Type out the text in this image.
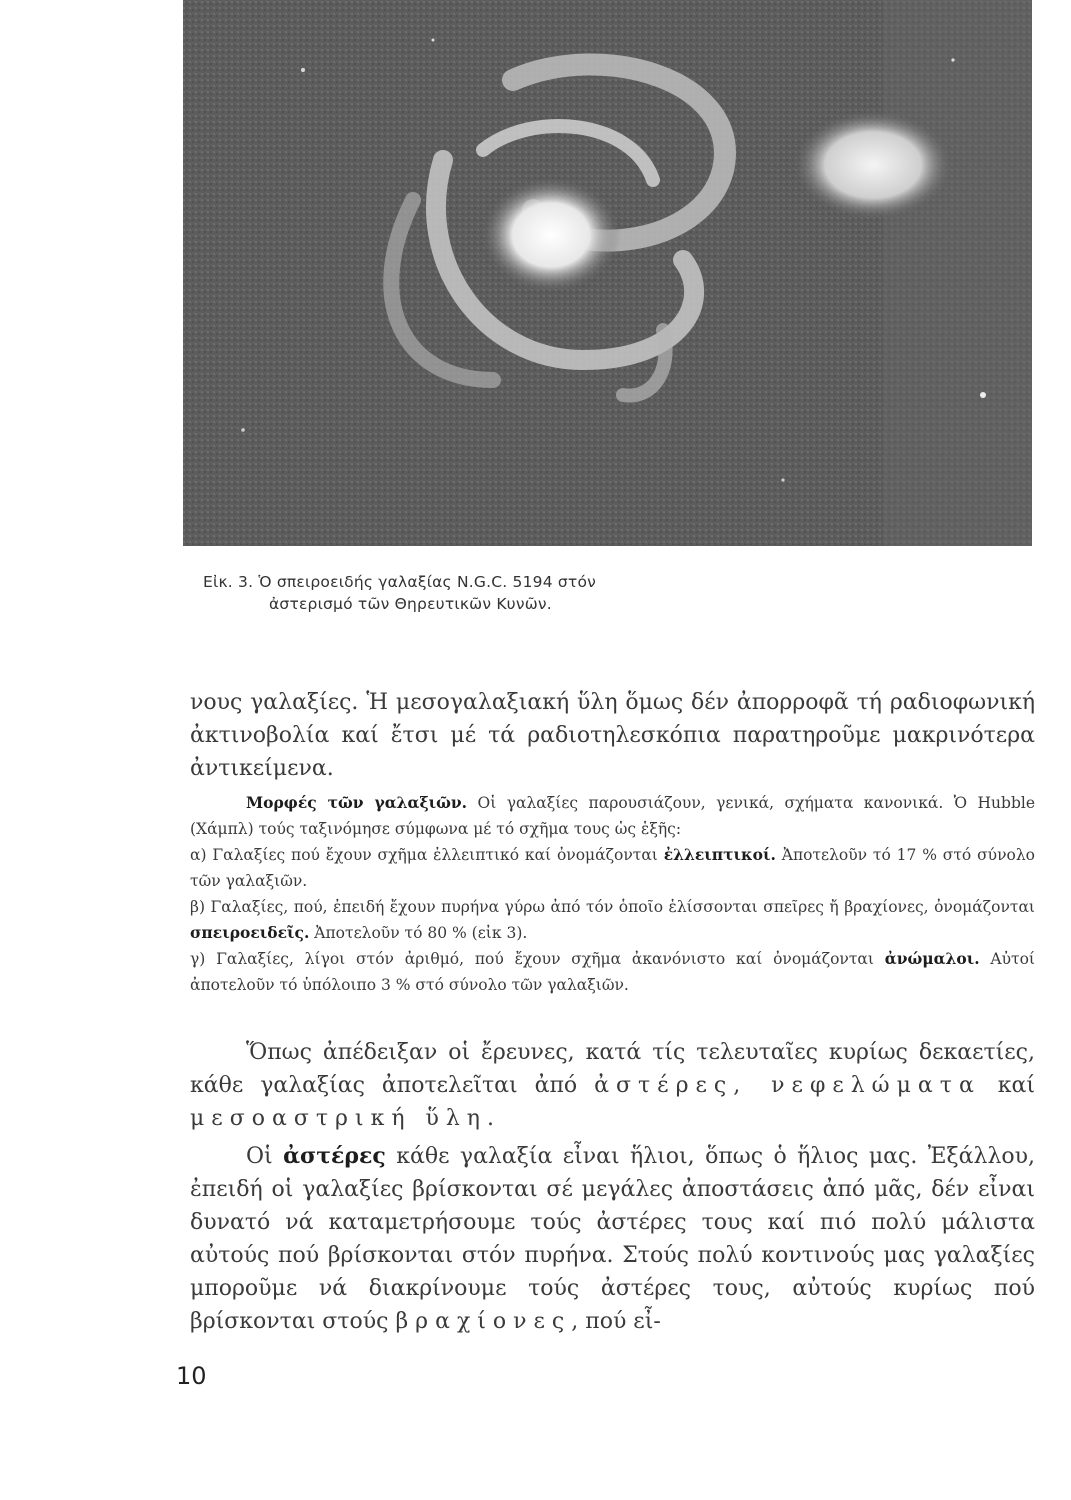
Εἰκ. 3. Ὁ σπειροειδής γαλαξίας N.G.C. 5194 στόν
ἀστερισμό τῶν Θηρευτικῶν Κυνῶν.
νους γαλαξίες. Ἡ μεσογαλαξιακή ὕλη ὅμως δέν ἀπορροφᾶ τή ραδιοφωνική ἀκτινοβολία καί ἔτσι μέ τά ραδιοτηλεσκόπια παρατηροῦμε μακρινότερα ἀντικείμενα.
Μορφές τῶν γαλαξιῶν. Οἱ γαλαξίες παρουσιάζουν, γενικά, σχήματα κανονικά. Ὁ Hubble (Χάμπλ) τούς ταξινόμησε σύμφωνα μέ τό σχῆμα τους ὡς ἑξῆς:
α) Γαλαξίες πού ἔχουν σχῆμα ἐλλειπτικό καί ὀνομάζονται ἐλλειπτικοί. Ἀποτελοῦν τό 17 % στό σύνολο τῶν γαλαξιῶν.
β) Γαλαξίες, πού, ἐπειδή ἔχουν πυρήνα γύρω ἀπό τόν ὁποῖο ἑλίσσονται σπεῖρες ἤ βραχίονες, ὀνομάζονται σπειροειδεῖς. Ἀποτελοῦν τό 80 % (εἰκ 3).
γ) Γαλαξίες, λίγοι στόν ἀριθμό, πού ἔχουν σχῆμα ἀκανόνιστο καί ὀνομάζονται ἀνώμαλοι. Αὐτοί ἀποτελοῦν τό ὑπόλοιπο 3 % στό σύνολο τῶν γαλαξιῶν.
Ὅπως ἀπέδειξαν οἱ ἔρευνες, κατά τίς τελευταῖες κυρίως δεκαετίες, κάθε γαλαξίας ἀποτελεῖται ἀπό ἀστέρες, νεφελώματα καί μεσοαστρική ὕλη.
Οἱ ἀστέρες κάθε γαλαξία εἶναι ἥλιοι, ὅπως ὁ ἥλιος μας. Ἐξάλλου, ἐπειδή οἱ γαλαξίες βρίσκονται σέ μεγάλες ἀποστάσεις ἀπό μᾶς, δέν εἶναι δυνατό νά καταμετρήσουμε τούς ἀστέρες τους καί πιό πολύ μάλιστα αὐτούς πού βρίσκονται στόν πυρήνα. Στούς πολύ κοντινούς μας γαλαξίες μποροῦμε νά διακρίνουμε τούς ἀστέρες τους, αὐτούς κυρίως πού βρίσκονται στούς βραχίονες, πού εἶ-
10
